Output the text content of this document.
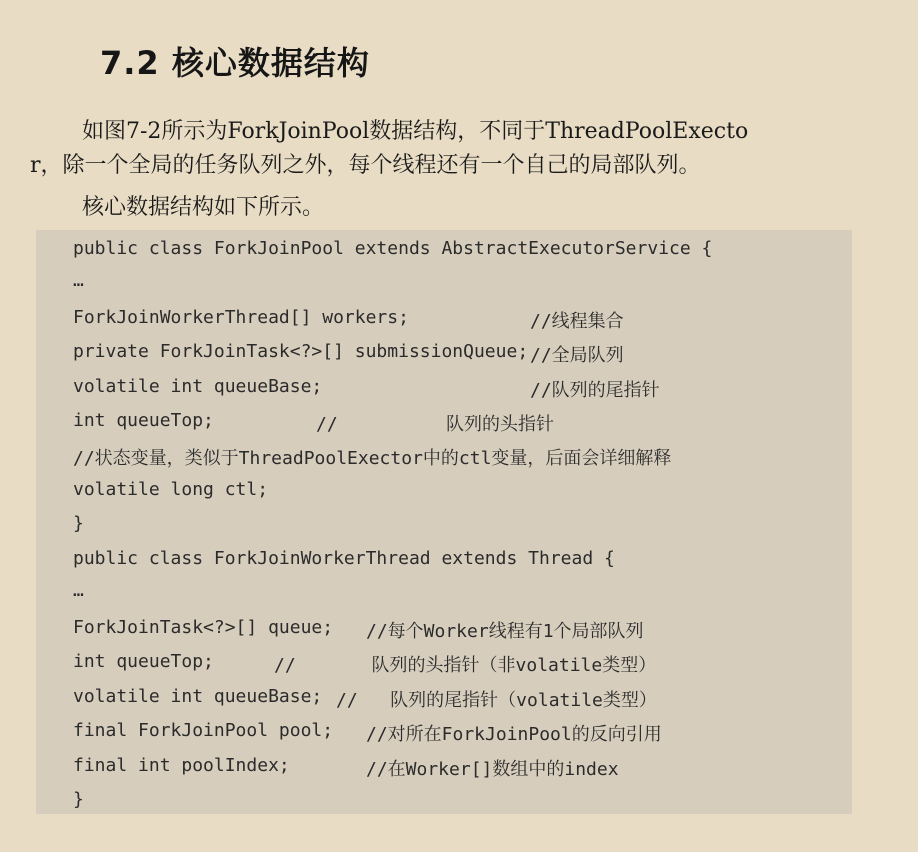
7.2 核心数据结构
如图7-2所示为ForkJoinPool数据结构，不同于ThreadPoolExecto
r，除一个全局的任务队列之外，每个线程还有一个自己的局部队列。
核心数据结构如下所示。
public class ForkJoinPool extends AbstractExecutorService {
…
ForkJoinWorkerThread[] workers;	//线程集合
private ForkJoinTask<?>[] submissionQueue; //全局队列
volatile int queueBase;	//队列的尾指针
int queueTop;	//          队列的头指针
//状态变量，类似于ThreadPoolExector中的ctl变量，后面会详细解释
volatile long ctl;
}
public class ForkJoinWorkerThread extends Thread {
…
ForkJoinTask<?>[] queue; //每个Worker线程有1个局部队列
int queueTop;	//       队列的头指针（非volatile类型）
volatile int queueBase; //   队列的尾指针（volatile类型）
final ForkJoinPool pool; //对所在ForkJoinPool的反向引用
final int poolIndex;	//在Worker[]数组中的index
}
